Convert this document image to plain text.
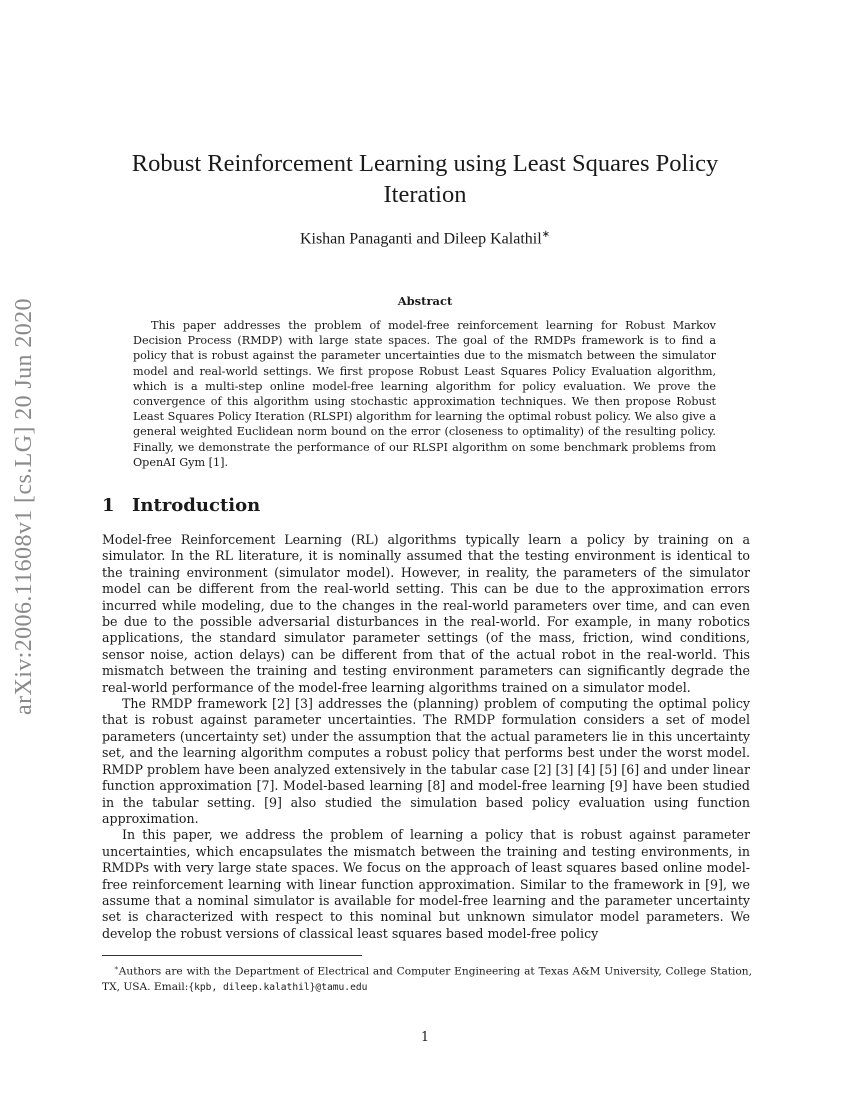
arXiv:2006.11608v1 [cs.LG] 20 Jun 2020
Robust Reinforcement Learning using Least Squares Policy Iteration
Kishan Panaganti and Dileep Kalathil∗
Abstract

This paper addresses the problem of model-free reinforcement learning for Robust Markov Decision Process (RMDP) with large state spaces. The goal of the RMDPs framework is to find a policy that is robust against the parameter uncertainties due to the mismatch between the simulator model and real-world settings. We first propose Robust Least Squares Policy Evaluation algorithm, which is a multi-step online model-free learning algorithm for policy evaluation. We prove the convergence of this algorithm using stochastic approximation techniques. We then propose Robust Least Squares Policy Iteration (RLSPI) algorithm for learning the optimal robust policy. We also give a general weighted Euclidean norm bound on the error (closeness to optimality) of the resulting policy. Finally, we demonstrate the performance of our RLSPI algorithm on some benchmark problems from OpenAI Gym [1].

1 Introduction

Model-free Reinforcement Learning (RL) algorithms typically learn a policy by training on a simulator. In the RL literature, it is nominally assumed that the testing environment is identical to the training environment (simulator model). However, in reality, the parameters of the simulator model can be different from the real-world setting. This can be due to the approximation errors incurred while modeling, due to the changes in the real-world parameters over time, and can even be due to the possible adversarial disturbances in the real-world. For example, in many robotics applications, the standard simulator parameter settings (of the mass, friction, wind conditions, sensor noise, action delays) can be different from that of the actual robot in the real-world. This mismatch between the training and testing environment parameters can significantly degrade the real-world performance of the model-free learning algorithms trained on a simulator model.

The RMDP framework [2] [3] addresses the (planning) problem of computing the optimal policy that is robust against parameter uncertainties. The RMDP formulation considers a set of model parameters (uncertainty set) under the assumption that the actual parameters lie in this uncertainty set, and the learning algorithm computes a robust policy that performs best under the worst model. RMDP problem have been analyzed extensively in the tabular case [2] [3] [4] [5] [6] and under linear function approximation [7]. Model-based learning [8] and model-free learning [9] have been studied in the tabular setting. [9] also studied the simulation based policy evaluation using function approximation.

In this paper, we address the problem of learning a policy that is robust against parameter uncertainties, which encapsulates the mismatch between the training and testing environments, in RMDPs with very large state spaces. We focus on the approach of least squares based online model-free reinforcement learning with linear function approximation. Similar to the framework in [9], we assume that a nominal simulator is available for model-free learning and the parameter uncertainty set is characterized with respect to this nominal but unknown simulator model parameters. We develop the robust versions of classical least squares based model-free policy

∗Authors are with the Department of Electrical and Computer Engineering at Texas A&M University, College Station, TX, USA. Email:{kpb, dileep.kalathil}@tamu.edu

1
